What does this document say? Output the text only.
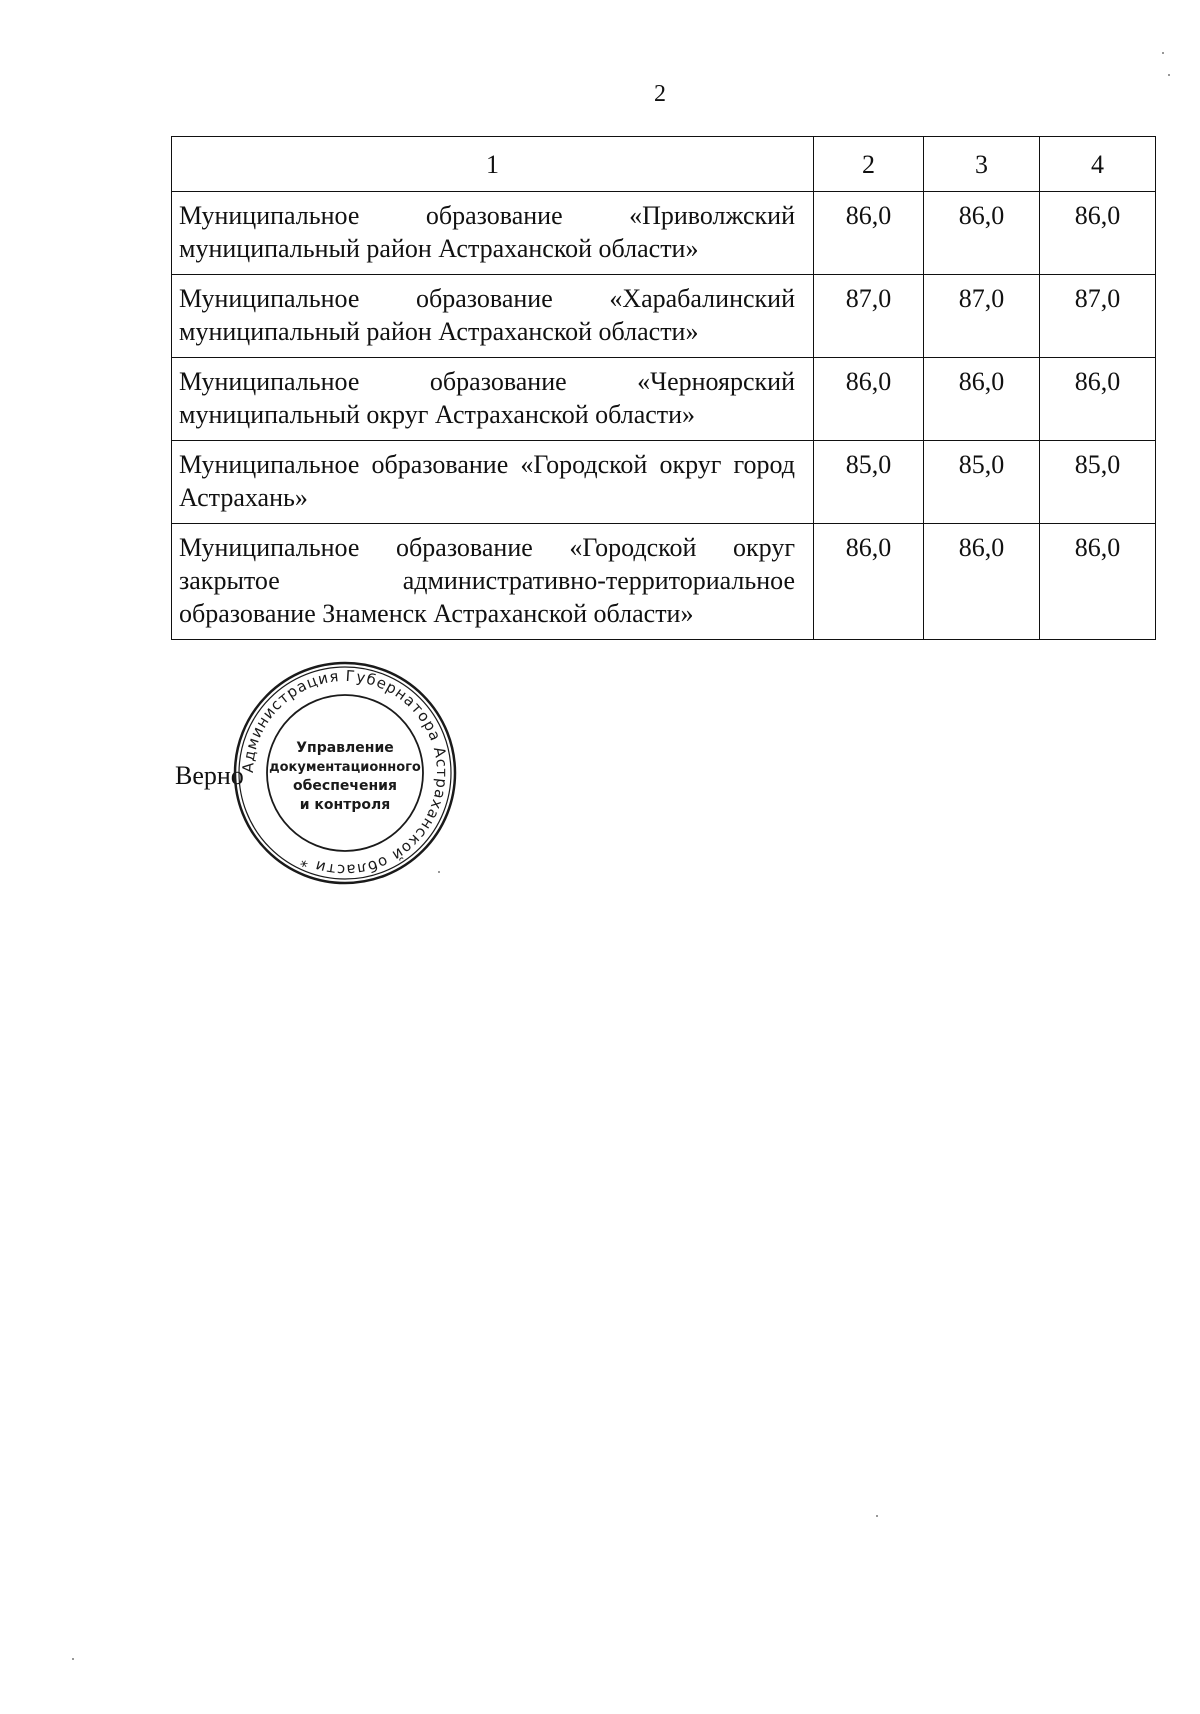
2
1	2	3	4
Муниципальное образование «Приволжский муниципальный район Астраханской области»	86,0	86,0	86,0
Муниципальное образование «Харабалинский муниципальный район Астраханской области»	87,0	87,0	87,0
Муниципальное образование «Черноярский муниципальный округ Астраханской области»	86,0	86,0	86,0
Муниципальное образование «Городской округ город Астрахань»	85,0	85,0	85,0
Муниципальное образование «Городской округ закрытое административно-территориальное образование Знаменск Астраханской области»	86,0	86,0	86,0
Верно
Администрация Губернатора Астраханской области *
Управление
документационного
обеспечения
и контроля
